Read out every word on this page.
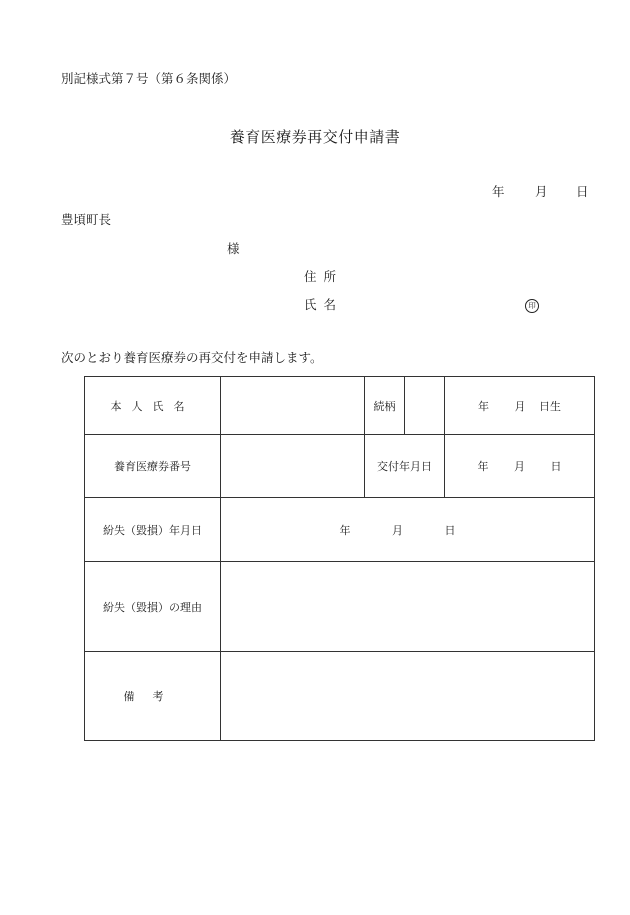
別記様式第７号（第６条関係）
養育医療券再交付申請書
年 月 日
豊頃町長
様
住所
氏名	印
次のとおり養育医療券の再交付を申請します。
本人氏名		続柄		年 月 日生
養育医療券番号		交付年月日		年 月 日
紛失（毀損）年月日	年 月 日			
紛失（毀損）の理由				
備考				
